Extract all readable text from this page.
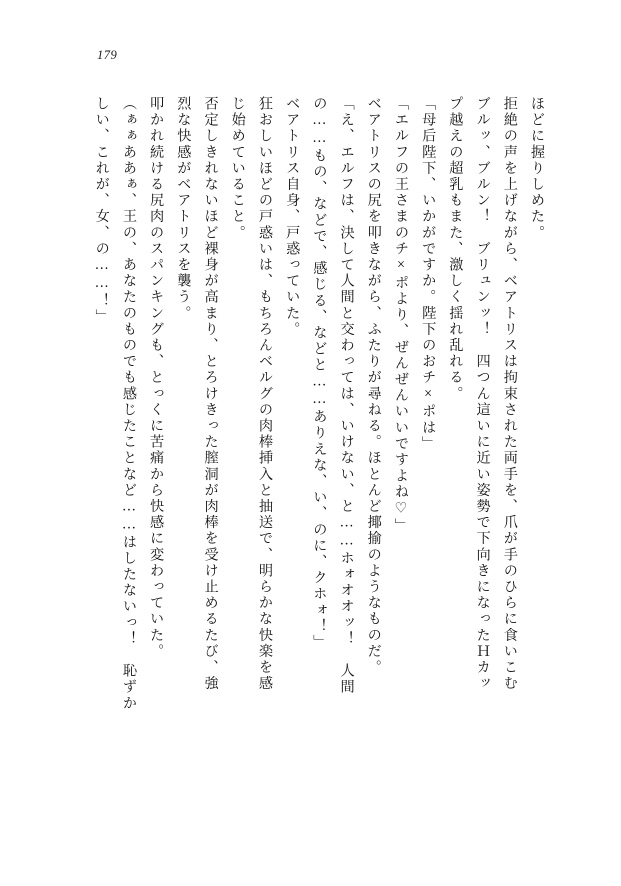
179

ほどに握りしめた。

拒絶の声を上げながら、ベアトリスは拘束された両手を、爪が手のひらに食いこむ

ブルッ、ブルン！　ブリュンッ！　四つん這いに近い姿勢で下向きになったＨカッ

プ越えの超乳もまた、激しく揺れ乱れる。

「母后陛下、いかがですか。陛下のおチ×ポは」

「エルフの王さまのチ×ポより、ぜんぜんいいですよね♡」

ベアトリスの尻を叩きながら、ふたりが尋ねる。ほとんど揶揄のようなものだ。

「え、エルフは、決して人間と交わっては、いけない、と……ホォオオッ！　人間

の……もの、などで、感じる、などと……ありえな、い、のに、クホォ！」

ベアトリス自身、戸惑っていた。

狂おしいほどの戸惑いは、もちろんベルグの肉棒挿入と抽送で、明らかな快楽を感

じ始めていること。

否定しきれないほど裸身が高まり、とろけきった膣洞が肉棒を受け止めるたび、強

烈な快感がベアトリスを襲う。

叩かれ続ける尻肉のスパンキングも、とっくに苦痛から快感に変わっていた。

（ぁぁああぁ、王の、あなたのものでも感じたことなど……はしたないっ！　恥ずか

しい、これが、女、の……！」
